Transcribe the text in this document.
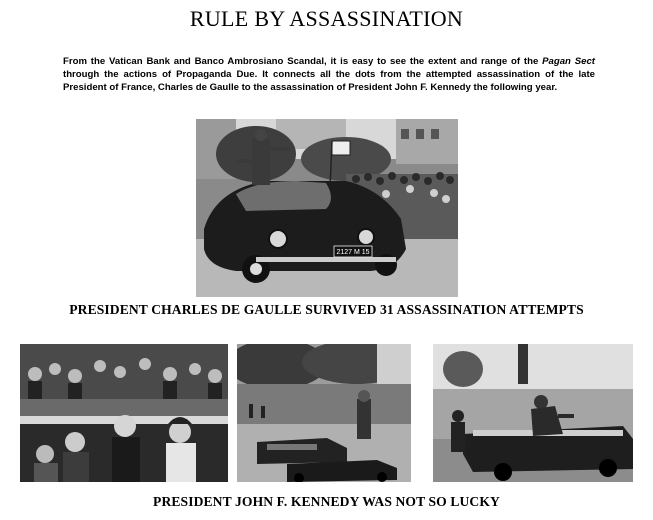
RULE BY ASSASSINATION
From the Vatican Bank and Banco Ambrosiano Scandal, it is easy to see the extent and range of the Pagan Sect through the actions of Propaganda Due. It connects all the dots from the attempted assassination of the late President of France, Charles de Gaulle to the assassination of President John F. Kennedy the following year.
2127 M 15
PRESIDENT CHARLES DE GAULLE SURVIVED 31 ASSASSINATION ATTEMPTS
PRESIDENT JOHN F. KENNEDY WAS NOT SO LUCKY
